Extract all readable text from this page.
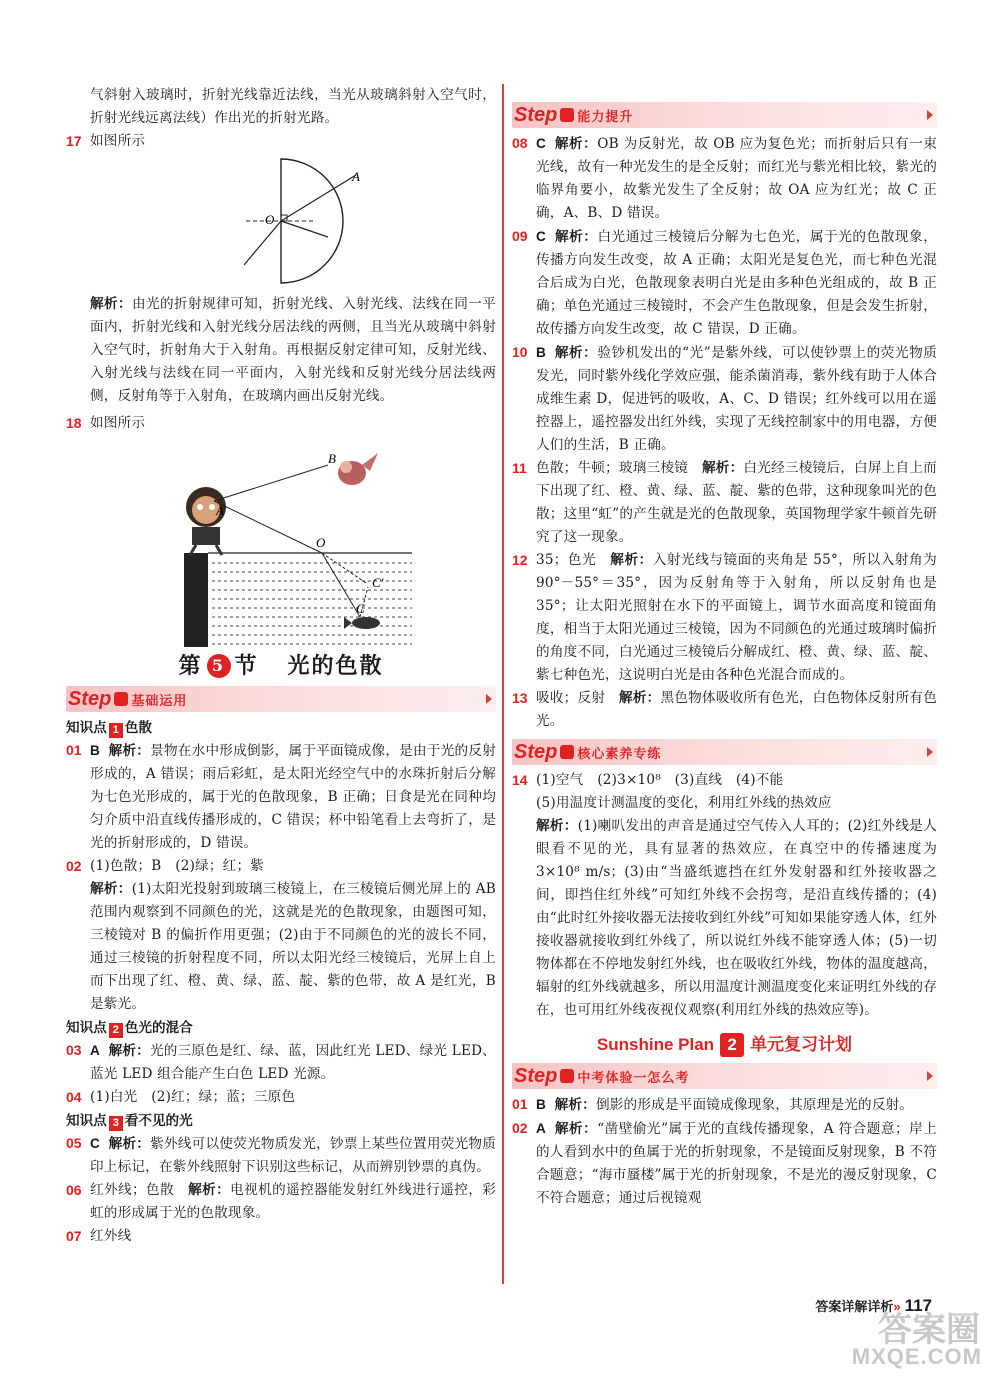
气斜射入玻璃时，折射光线靠近法线，当光从玻璃斜射入空气时，折射光线远离法线）作出光的折射光路。

17 如图所示

A
O

解析：由光的折射规律可知，折射光线、入射光线、法线在同一平面内，折射光线和入射光线分居法线的两侧，且当光从玻璃中斜射入空气时，折射角大于入射角。再根据反射定律可知，反射光线、入射光线与法线在同一平面内，入射光线和反射光线分居法线两侧，反射角等于入射角，在玻璃内画出反射光线。

18 如图所示

B
A
O
C′
C
第 5 节 光的色散
Step 基础运用
知识点 1 色散
01 B 解析：景物在水中形成倒影，属于平面镜成像，是由于光的反射形成的，A 错误；雨后彩虹，是太阳光经空气中的水珠折射后分解为七色光形成的，属于光的色散现象，B 正确；日食是光在同种均匀介质中沿直线传播形成的，C 错误；杯中铅笔看上去弯折了，是光的折射形成的，D 错误。

02 (1)色散；B　(2)绿；红；紫

解析：(1)太阳光投射到玻璃三棱镜上，在三棱镜后侧光屏上的 AB 范围内观察到不同颜色的光，这就是光的色散现象，由题图可知，三棱镜对 B 的偏折作用更强；(2)由于不同颜色的光的波长不同，通过三棱镜的折射程度不同，所以太阳光经三棱镜后，光屏上自上而下出现了红、橙、黄、绿、蓝、靛、紫的色带，故 A 是红光，B 是紫光。

知识点 2 色光的混合
03 A 解析：光的三原色是红、绿、蓝，因此红光 LED、绿光 LED、蓝光 LED 组合能产生白色 LED 光源。

04 (1)白光　(2)红；绿；蓝；三原色

知识点 3 看不见的光
05 C 解析：紫外线可以使荧光物质发光，钞票上某些位置用荧光物质印上标记，在紫外线照射下识别这些标记，从而辨别钞票的真伪。

06 红外线；色散　 解析：电视机的遥控器能发射红外线进行遥控，彩虹的形成属于光的色散现象。

07 红外线

Step 能力提升
08 C 解析：OB 为反射光，故 OB 应为复色光；而折射后只有一束光线，故有一种光发生的是全反射；而红光与紫光相比较，紫光的临界角要小，故紫光发生了全反射；故 OA 应为红光；故 C 正确，A、B、D 错误。

09 C 解析：白光通过三棱镜后分解为七色光，属于光的色散现象，传播方向发生改变，故 A 正确；太阳光是复色光，而七种色光混合后成为白光，色散现象表明白光是由多种色光组成的，故 B 正确；单色光通过三棱镜时，不会产生色散现象，但是会发生折射，故传播方向发生改变，故 C 错误，D 正确。

10 B 解析：验钞机发出的“光”是紫外线，可以使钞票上的荧光物质发光，同时紫外线化学效应强，能杀菌消毒，紫外线有助于人体合成维生素 D，促进钙的吸收，A、C、D 错误；红外线可以用在遥控器上，遥控器发出红外线，实现了无线控制家中的用电器，方便人们的生活，B 正确。

11 色散；牛顿；玻璃三棱镜　 解析：白光经三棱镜后，白屏上自上而下出现了红、橙、黄、绿、蓝、靛、紫的色带，这种现象叫光的色散；这里“虹”的产生就是光的色散现象，英国物理学家牛顿首先研究了这一现象。

12 35；色光　 解析：入射光线与镜面的夹角是 55°，所以入射角为 90°－55°＝35°，因为反射角等于入射角，所以反射角也是 35°；让太阳光照射在水下的平面镜上，调节水面高度和镜面角度，相当于太阳光通过三棱镜，因为不同颜色的光通过玻璃时偏折的角度不同，白光通过三棱镜后分解成红、橙、黄、绿、蓝、靛、紫七种色光，这说明白光是由各种色光混合而成的。

13 吸收；反射　 解析：黑色物体吸收所有色光，白色物体反射所有色光。

Step 核心素养专练
14 (1)空气　(2)3×10⁸　(3)直线　(4)不能

(5)用温度计测温度的变化，利用红外线的热效应

解析：(1)喇叭发出的声音是通过空气传入人耳的；(2)红外线是人眼看不见的光，具有显著的热效应，在真空中的传播速度为 3×10⁸ m/s；(3)由“当盛纸遮挡在红外发射器和红外接收器之间，即挡住红外线”可知红外线不会拐弯，是沿直线传播的；(4)由“此时红外接收器无法接收到红外线”可知如果能穿透人体，红外接收器就接收到红外线了，所以说红外线不能穿透人体；(5)一切物体都在不停地发射红外线，也在吸收红外线，物体的温度越高，辐射的红外线就越多，所以用温度计测温度变化来证明红外线的存在，也可用红外线夜视仪观察(利用红外线的热效应等)。

Sunshine Plan 2 单元复习计划
Step 中考体验一怎么考
01 B 解析：倒影的形成是平面镜成像现象，其原理是光的反射。

02 A 解析：“凿壁偷光”属于光的直线传播现象，A 符合题意；岸上的人看到水中的鱼属于光的折射现象，不是镜面反射现象，B 不符合题意；“海市蜃楼”属于光的折射现象，不是光的漫反射现象，C 不符合题意；通过后视镜观

答案详解详析» 117
答案圈
MXQE.COM
